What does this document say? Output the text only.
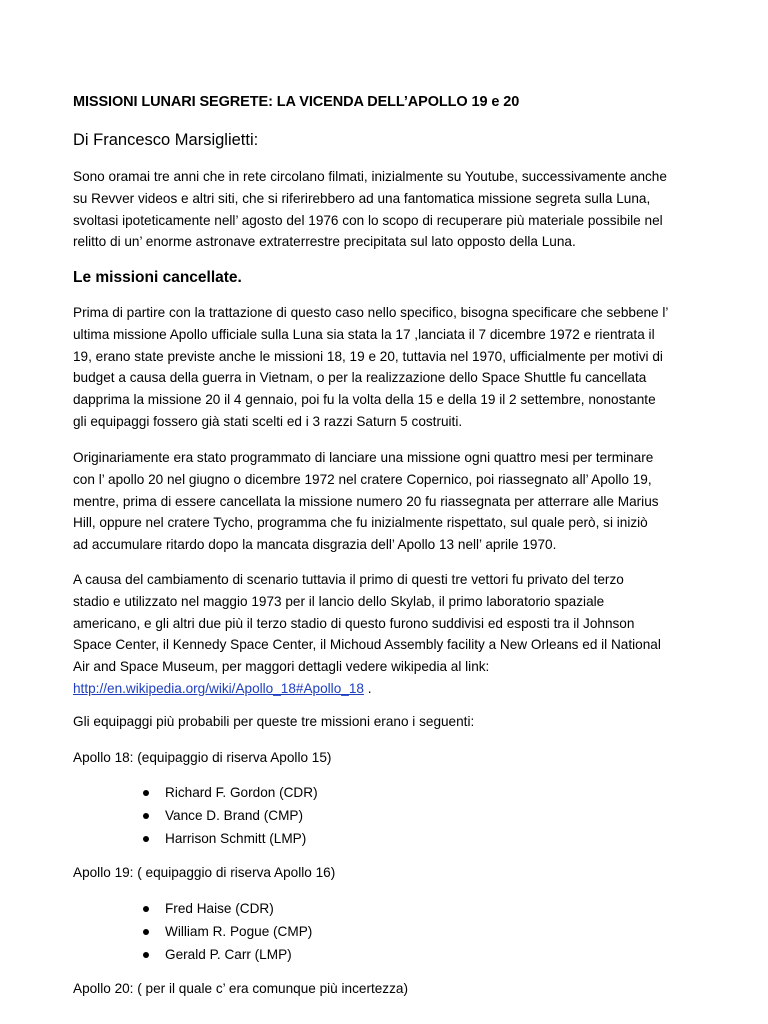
MISSIONI LUNARI SEGRETE: LA VICENDA DELL’APOLLO 19 e 20
Di Francesco Marsiglietti:

Sono oramai tre anni che in rete circolano filmati, inizialmente su Youtube, successivamente anche
su Revver videos e altri siti, che si riferirebbero ad una fantomatica missione segreta sulla Luna,
svoltasi ipoteticamente nell’ agosto del 1976 con lo scopo di recuperare più materiale possibile nel
relitto di un’ enorme astronave extraterrestre precipitata sul lato opposto della Luna.

Le missioni cancellate.

Prima di partire con la trattazione di questo caso nello specifico, bisogna specificare che sebbene l’
ultima missione Apollo ufficiale sulla Luna sia stata la 17 ,lanciata il 7 dicembre 1972 e rientrata il
19, erano state previste anche le missioni 18, 19 e 20, tuttavia nel 1970, ufficialmente per motivi di
budget a causa della guerra in Vietnam, o per la realizzazione dello Space Shuttle fu cancellata
dapprima la missione 20 il 4 gennaio, poi fu la volta della 15 e della 19 il 2 settembre, nonostante
gli equipaggi fossero già stati scelti ed i 3 razzi Saturn 5 costruiti.

Originariamente era stato programmato di lanciare una missione ogni quattro mesi per terminare
con l’ apollo 20 nel giugno o dicembre 1972 nel cratere Copernico, poi riassegnato all’ Apollo 19,
mentre, prima di essere cancellata la missione numero 20 fu riassegnata per atterrare alle Marius
Hill, oppure nel cratere Tycho, programma che fu inizialmente rispettato, sul quale però, si iniziò
ad accumulare ritardo dopo la mancata disgrazia dell’ Apollo 13 nell’ aprile 1970.

A causa del cambiamento di scenario tuttavia il primo di questi tre vettori fu privato del terzo
stadio e utilizzato nel maggio 1973 per il lancio dello Skylab, il primo laboratorio spaziale
americano, e gli altri due più il terzo stadio di questo furono suddivisi ed esposti tra il Johnson
Space Center, il Kennedy Space Center, il Michoud Assembly facility a New Orleans ed il National
Air and Space Museum, per maggori dettagli vedere wikipedia al link:
http://en.wikipedia.org/wiki/Apollo_18#Apollo_18 .

Gli equipaggi più probabili per queste tre missioni erano i seguenti:
Apollo 18: (equipaggio di riserva Apollo 15)
Richard F. Gordon (CDR)
Vance D. Brand (CMP)
Harrison Schmitt (LMP)
Apollo 19: ( equipaggio di riserva Apollo 16)
Fred Haise (CDR)
William R. Pogue (CMP)
Gerald P. Carr (LMP)
Apollo 20: ( per il quale c’ era comunque più incertezza)
